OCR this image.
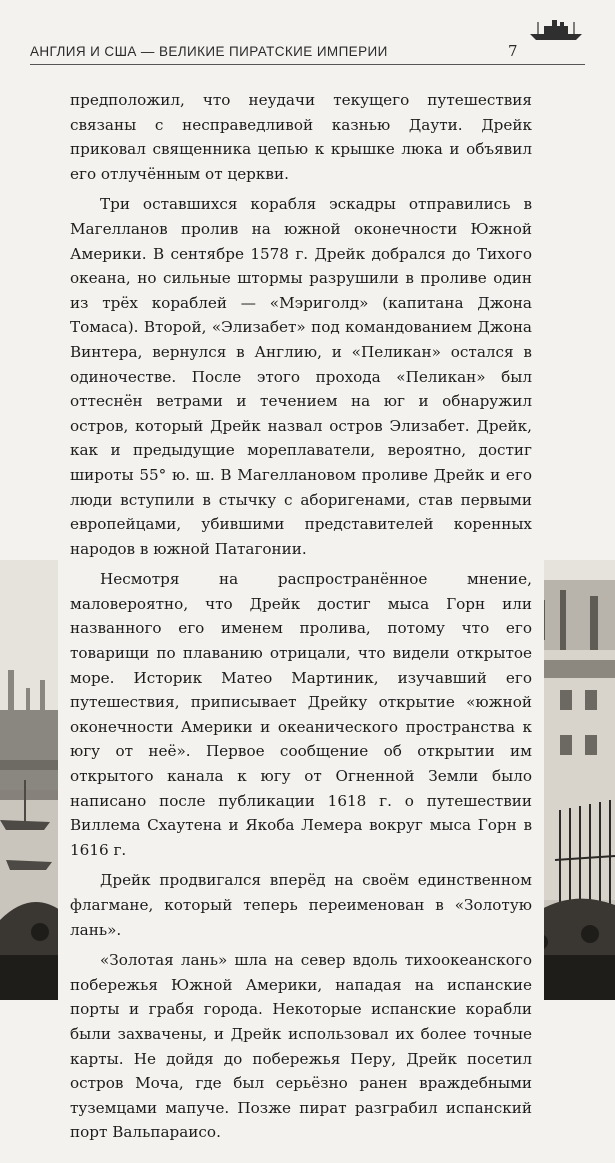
АНГЛИЯ И США — ВЕЛИКИЕ ПИРАТСКИЕ ИМПЕРИИ	7

предположил, что неудачи текущего путешествия связаны с несправедливой казнью Даути. Дрейк приковал священника цепью к крышке люка и объявил его отлучённым от церкви.

Три оставшихся корабля эскадры отправились в Магелланов пролив на южной оконечности Южной Америки. В сентябре 1578 г. Дрейк добрался до Тихого океана, но сильные штормы разрушили в проливе один из трёх кораблей — «Мэриголд» (капитана Джона Томаса). Второй, «Элизабет» под командованием Джона Винтера, вернулся в Англию, и «Пеликан» остался в одиночестве. После этого прохода «Пеликан» был оттеснён ветрами и течением на юг и обнаружил остров, который Дрейк назвал остров Элизабет. Дрейк, как и предыдущие мореплаватели, вероятно, достиг широты 55° ю. ш. В Магеллановом проливе Дрейк и его люди вступили в стычку с аборигенами, став первыми европейцами, убившими представителей коренных народов в южной Патагонии.

Несмотря на распространённое мнение, маловероятно, что Дрейк достиг мыса Горн или названного его именем пролива, потому что его товарищи по плаванию отрицали, что видели открытое море. Историк Матео Мартиник, изучавший его путешествия, приписывает Дрейку открытие «южной оконечности Америки и океанического пространства к югу от неё». Первое сообщение об открытии им открытого канала к югу от Огненной Земли было написано после публикации 1618 г. о путешествии Виллема Схаутена и Якоба Лемера вокруг мыса Горн в 1616 г.

Дрейк продвигался вперёд на своём единственном флагмане, который теперь переименован в «Золотую лань».

«Золотая лань» шла на север вдоль тихоокеанского побережья Южной Америки, нападая на испанские порты и грабя города. Некоторые испанские корабли были захвачены, и Дрейк использовал их более точные карты. Не дойдя до побережья Перу, Дрейк посетил остров Моча, где был серьёзно ранен враждебными туземцами мапуче. Позже пират разграбил испанский порт Вальпараисо.
